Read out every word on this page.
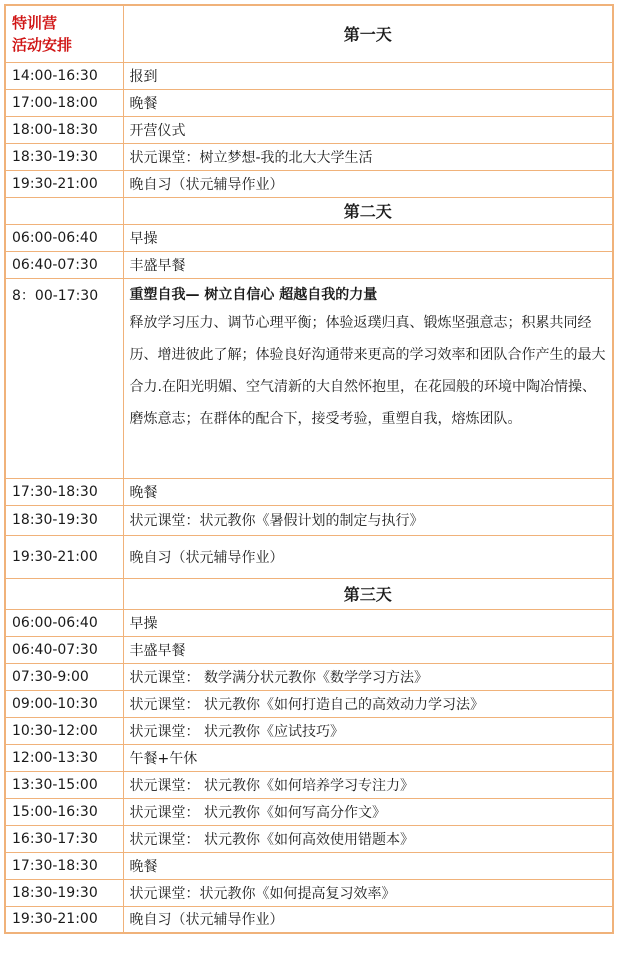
特训营
活动安排	第一天
14:00-16:30	报到
17:00-18:00	晚餐
18:00-18:30	开营仪式
18:30-19:30	状元课堂：树立梦想-我的北大大学生活
19:30-21:00	晚自习（状元辅导作业）
	第二天
06:00-06:40	早操
06:40-07:30	丰盛早餐
8：00-17:30	重塑自我— 树立自信心 超越自我的力量
释放学习压力、调节心理平衡；体验返璞归真、锻炼坚强意志；积累共同经历、增进彼此了解；体验良好沟通带来更高的学习效率和团队合作产生的最大合力.在阳光明媚、空气清新的大自然怀抱里，在花园般的环境中陶冶情操、磨炼意志；在群体的配合下，接受考验，重塑自我，熔炼团队。

17:30-18:30	晚餐
18:30-19:30	状元课堂：状元教你《暑假计划的制定与执行》
19:30-21:00	晚自习（状元辅导作业）
	第三天
06:00-06:40	早操
06:40-07:30	丰盛早餐
07:30-9:00	状元课堂： 数学满分状元教你《数学学习方法》
09:00-10:30	状元课堂： 状元教你《如何打造自己的高效动力学习法》
10:30-12:00	状元课堂： 状元教你《应试技巧》
12:00-13:30	午餐+午休
13:30-15:00	状元课堂： 状元教你《如何培养学习专注力》
15:00-16:30	状元课堂： 状元教你《如何写高分作文》
16:30-17:30	状元课堂： 状元教你《如何高效使用错题本》
17:30-18:30	晚餐
18:30-19:30	状元课堂：状元教你《如何提高复习效率》
19:30-21:00	晚自习（状元辅导作业）
